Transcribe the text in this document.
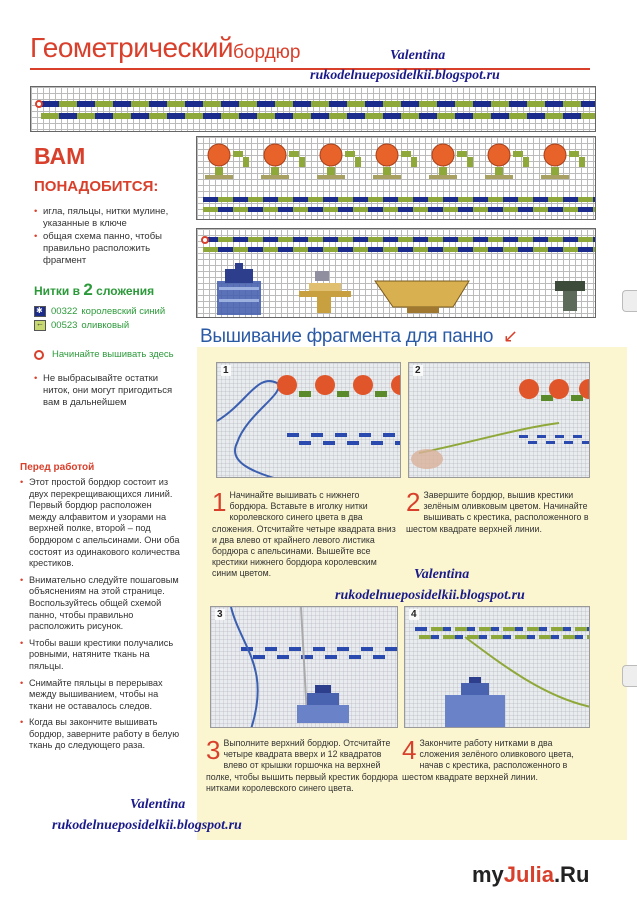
Геометрический бордюр	Valentina
rukodelnueposidelkii.blogspot.ru
ВАМ
ПОНАДОБИТСЯ:
• игла, пяльцы, нитки мулине, указанные в ключе
• общая схема панно, чтобы правильно расположить фрагмент
Нитки в 2 сложения
✱
00322 королевский синий
←
00523 оливковый
Начинайте вышивать здесь
• Не выбрасывайте остатки ниток, они могут пригодиться вам в дальнейшем
Перед работой
• Этот простой бордюр состоит из двух перекрещивающихся линий. Первый бордюр расположен между алфавитом и узорами на верхней полке, второй – под бордюром с апельсинами. Они оба состоят из одинакового количества крестиков.
• Внимательно следуйте пошаговым объяснениям на этой странице. Воспользуйтесь общей схемой панно, чтобы правильно расположить рисунок.
• Чтобы ваши крестики получались ровными, натяните ткань на пяльцы.
• Снимайте пяльцы в перерывах между вышиванием, чтобы на ткани не оставалось следов.
• Когда вы закончите вышивать бордюр, заверните работу в белую ткань до следующего раза.
Вышивание фрагмента для панно ↙
1	2
1 Начинайте вышивать с нижнего бордюра. Вставьте в иголку нитки королевского синего цвета в два сложения. Отсчитайте четыре квадрата вниз и два влево от крайнего левого листика бордюра с апельсинами. Вышейте все крестики нижнего бордюра королевским синим цветом.
2 Завершите бордюр, вышив крестики зелёным оливковым цветом. Начинайте вышивать с крестика, расположенного в шестом квадрате верхней линии.
Valentina
rukodelnueposidelkii.blogspot.ru
3	4
3 Выполните верхний бордюр. Отсчитайте четыре квадрата вверх и 12 квадратов влево от крышки горшочка на верхней полке, чтобы вышить первый крестик бордюра нитками королевского синего цвета.
4 Закончите работу нитками в два сложения зелёного оливкового цвета, начав с крестика, расположенного в шестом квадрате верхней линии.
Valentina
rukodelnueposidelkii.blogspot.ru
myJulia.Ru
